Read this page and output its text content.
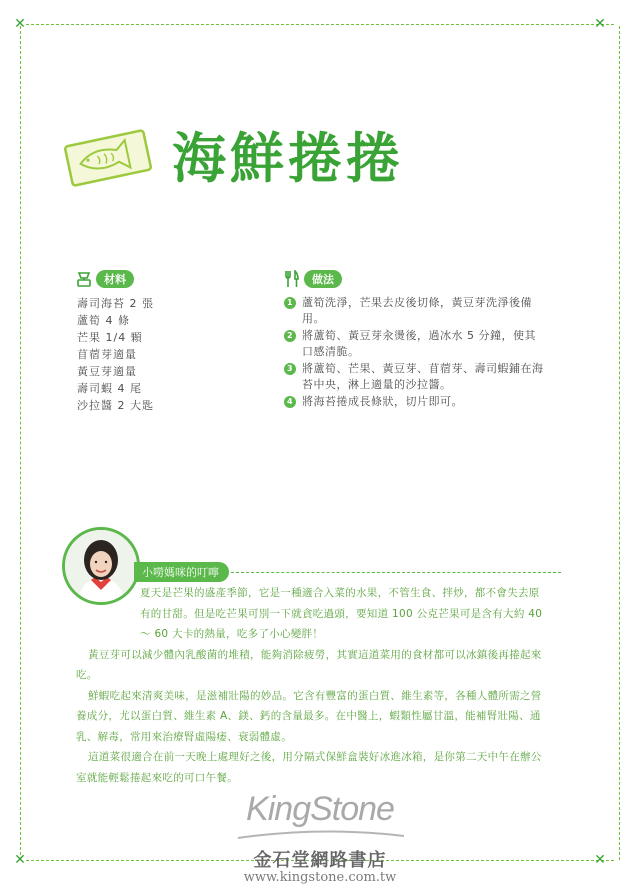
✕	✕
✕	✕
海鮮捲捲
材料
壽司海苔 2 張
蘆筍 4 條
芒果 1/4 顆
苜蓿芽適量
黃豆芽適量
壽司蝦 4 尾
沙拉醬 2 大匙
做法
1 蘆筍洗淨，芒果去皮後切條，黃豆芽洗淨後備用。
2 將蘆筍、黃豆芽汆燙後，過冰水 5 分鐘，使其口感清脆。
3 將蘆筍、芒果、黃豆芽、苜蓿芽、壽司蝦鋪在海苔中央，淋上適量的沙拉醬。
4 將海苔捲成長條狀，切片即可。
小嘮媽咪的叮嚀

夏天是芒果的盛產季節，它是一種適合入菜的水果，不管生食、拌炒，都不會失去原有的甘甜。但是吃芒果可別一下就貪吃過頭，要知道 100 公克芒果可是含有大約 40 ～ 60 大卡的熱量，吃多了小心變胖！

黃豆芽可以減少體內乳酸菌的堆積，能夠消除疲勞，其實這道菜用的食材都可以冰鎮後再捲起來吃。

鮮蝦吃起來清爽美味，是滋補壯陽的妙品。它含有豐富的蛋白質、維生素等，各種人體所需之營養成分，尤以蛋白質、維生素 A、鎂、鈣的含量最多。在中醫上，蝦類性屬甘溫，能補腎壯陽、通乳、解毒，常用來治療腎虛陽痿、衰弱體虛。

這道菜很適合在前一天晚上處理好之後，用分隔式保鮮盒裝好冰進冰箱，是你第二天中午在辦公室就能輕鬆捲起來吃的可口午餐。

KingStone
金石堂網路書店
www.kingstone.com.tw
